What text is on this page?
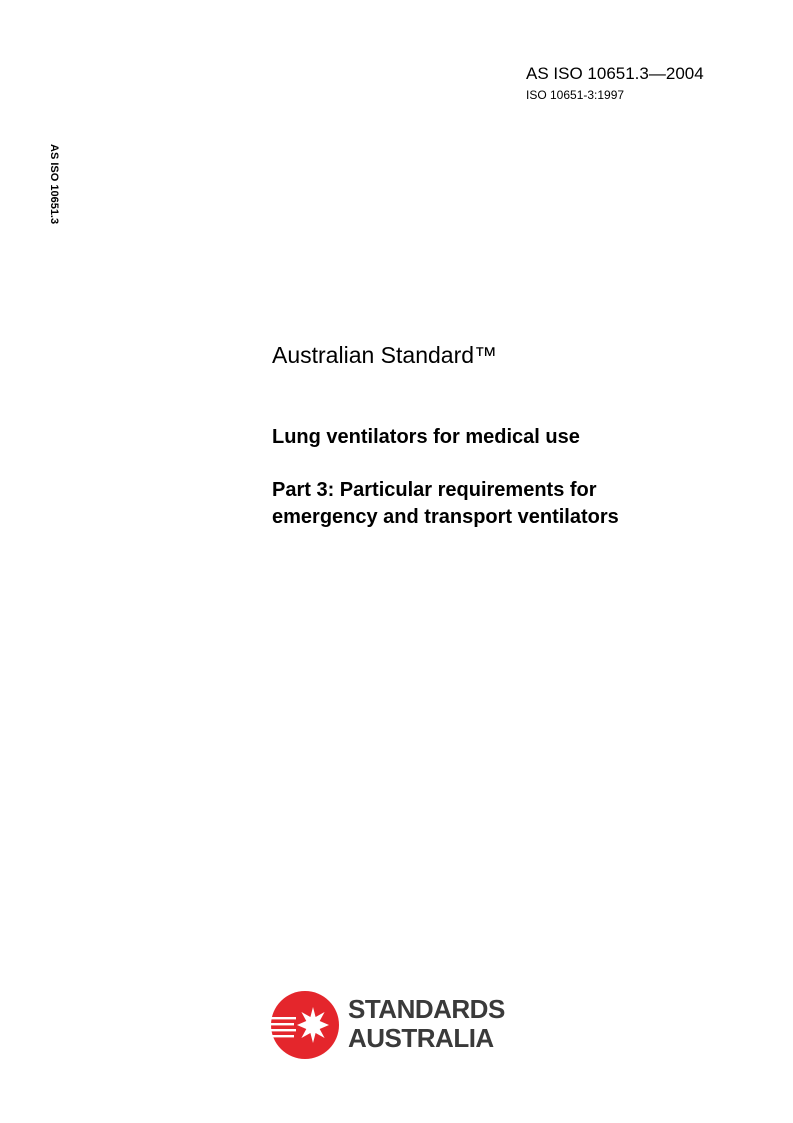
AS ISO 10651.3—2004
ISO 10651-3:1997
AS ISO 10651.3
Australian Standard™
Lung ventilators for medical use
Part 3: Particular requirements for
emergency and transport ventilators
STANDARDS
AUSTRALIA
